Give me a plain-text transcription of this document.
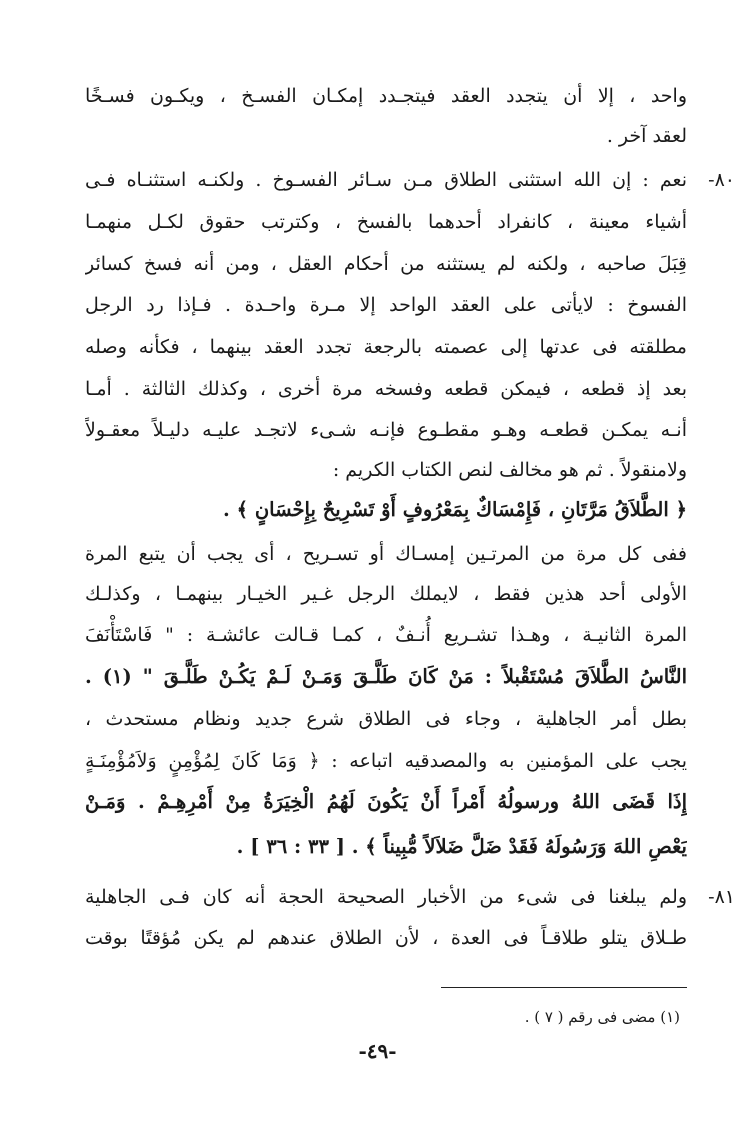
واحد ، إلا أن يتجدد العقد فيتجـدد إمكـان الفسـخ ، ويكـون فسـخًا
لعقد آخر .
٨٠-
نعم : إن الله استثنى الطلاق مـن سـائر الفسـوخ . ولكنـه استثنـاه فـى
أشياء معينة ، كانفراد أحدهما بالفسخ ، وكترتب حقوق لكـل منهمـا
قِبَلَ صاحبه ، ولكنه لم يستثنه من أحكام العقل ، ومن أنه فسخ كسائر
الفسوخ : لايأتى على العقد الواحد إلا مـرة واحـدة . فـإذا رد الرجل
مطلقته فى عدتها إلى عصمته بالرجعة تجدد العقد بينهما ، فكأنه وصله
بعد إذ قطعه ، فيمكن قطعه وفسخه مرة أخرى ، وكذلك الثالثة . أمـا
أنـه يمكـن قطعـه وهـو مقطـوع فإنـه شـىء لاتجـد عليـه دليـلاً معقـولاً
ولامنقولاً . ثم هو مخالف لنص الكتاب الكريم :
﴿ الطَّلاَقُ مَرَّتَانِ ، فَإِمْسَاكٌ بِمَعْرُوفٍ أَوْ تَسْرِيحٌ بِإِحْسَانٍ ﴾ .
ففى كل مرة من المرتـين إمسـاك أو تسـريح ، أى يجب أن يتبع المرة
الأولى أحد هذين فقط ، لايملك الرجل غـير الخيـار بينهمـا ، وكذلـك
المرة الثانيـة ، وهـذا تشـريع أُنـفٌ ، كمـا قـالت عائشـة : " فَاسْتَأْنَفَ
النَّاسُ الطَّلاَقَ مُسْتَقْبلاً : مَنْ كَانَ طَلَّـقَ وَمَـنْ لَـمْ يَكُـنْ طَلَّـقَ " (١) .
بطل أمر الجاهلية ، وجاء فى الطلاق شرع جديد ونظام مستحدث ،
يجب على المؤمنين به والمصدقيه اتباعه : ﴿ وَمَا كَانَ لِمُؤْمِنٍ وَلاَمُؤْمِنَـةٍ
إِذَا قَضَى اللهُ ورسولُهُ أَمْراً أَنْ يَكُونَ لَهُمُ الْخِيَرَةُ مِنْ أَمْرِهِـمْ . وَمَـنْ
يَعْصِ اللهَ وَرَسُولَهُ فَقَدْ ضَلَّ ضَلاَلاً مُّبِيناً ﴾ . [ ٣٣ : ٣٦ ] .
٨١-
ولم يبلغنا فى شىء من الأخبار الصحيحة الحجة أنه كان فـى الجاهلية
طـلاق يتلو طلاقـاً فى العدة ، لأن الطلاق عندهم لم يكن مُؤقتًا بوقت
(١) مضى فى رقم ( ٧ ) .
-٤٩-
